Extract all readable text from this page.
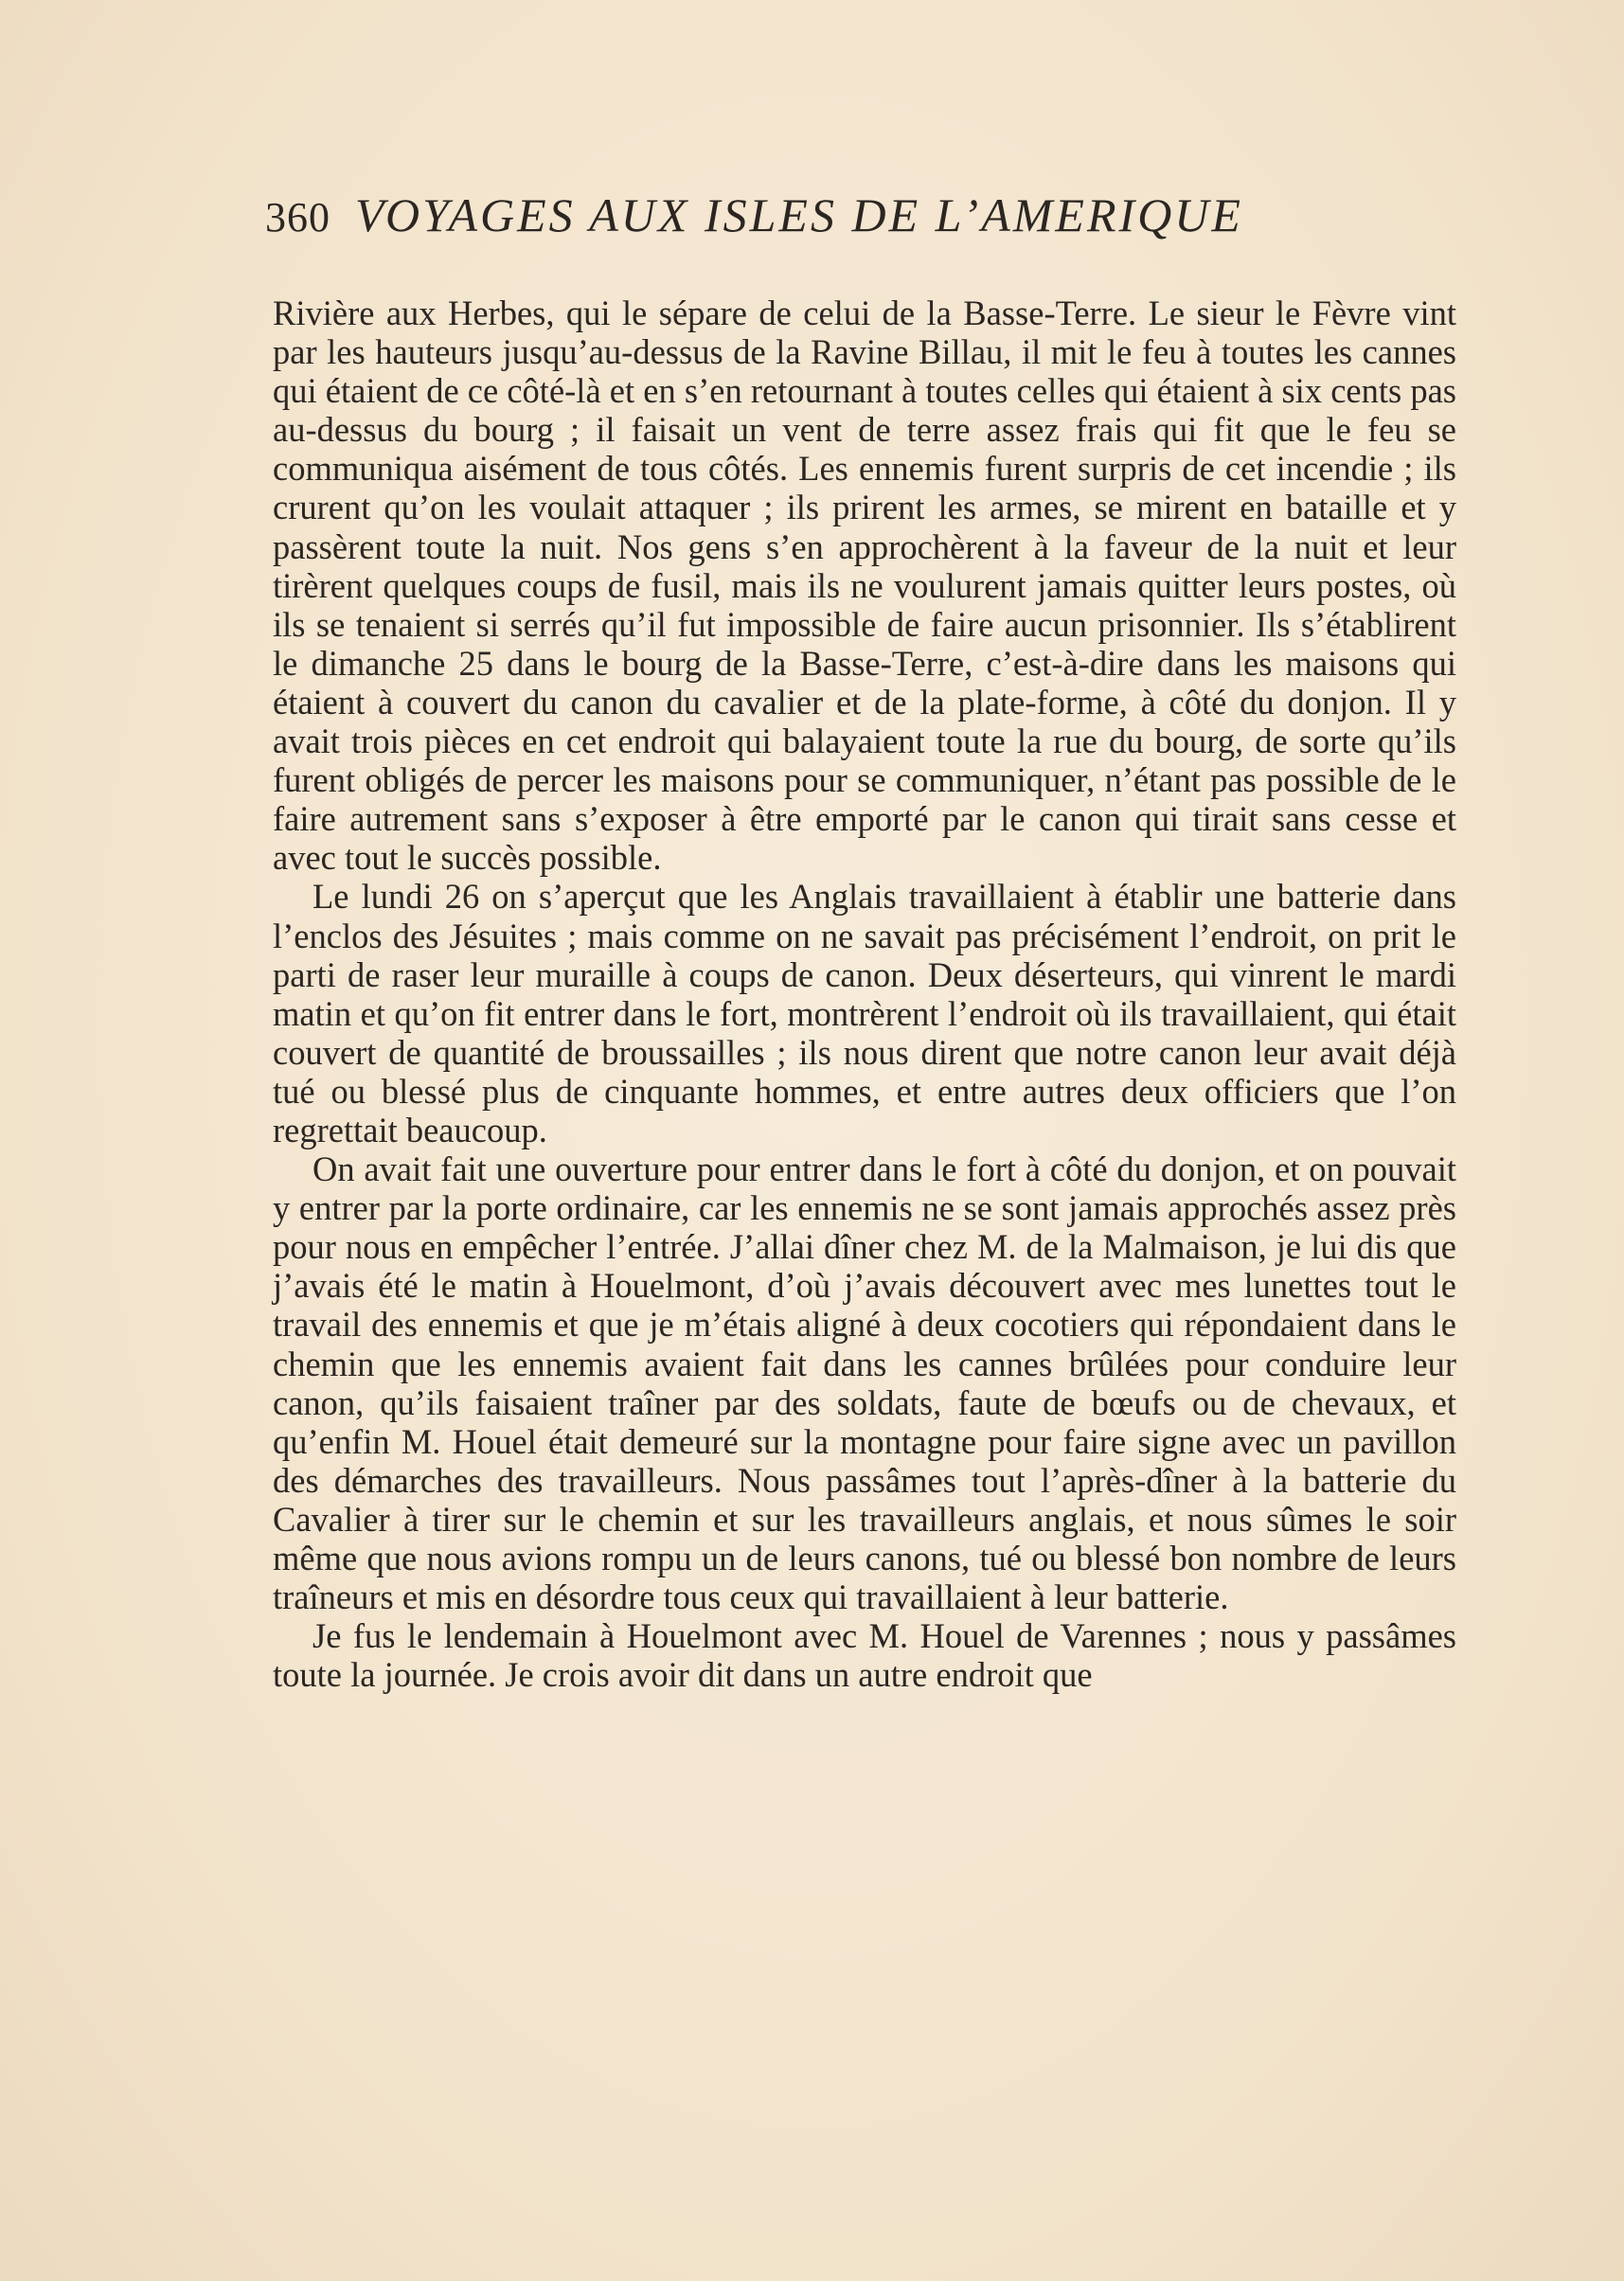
360 VOYAGES AUX ISLES DE L’AMERIQUE

Rivière aux Herbes, qui le sépare de celui de la Basse-Terre. Le sieur le Fèvre vint par les hauteurs jusqu’au-dessus de la Ravine Billau, il mit le feu à toutes les cannes qui étaient de ce côté-là et en s’en retournant à toutes celles qui étaient à six cents pas au-dessus du bourg ; il faisait un vent de terre assez frais qui fit que le feu se communiqua aisément de tous côtés. Les ennemis furent surpris de cet incendie ; ils crurent qu’on les voulait attaquer ; ils prirent les armes, se mirent en bataille et y passèrent toute la nuit. Nos gens s’en approchèrent à la faveur de la nuit et leur tirèrent quelques coups de fusil, mais ils ne voulurent jamais quitter leurs postes, où ils se tenaient si serrés qu’il fut impossible de faire aucun prisonnier. Ils s’établirent le dimanche 25 dans le bourg de la Basse-Terre, c’est-à-dire dans les maisons qui étaient à couvert du canon du cavalier et de la plate-forme, à côté du donjon. Il y avait trois pièces en cet endroit qui balayaient toute la rue du bourg, de sorte qu’ils furent obligés de percer les maisons pour se communiquer, n’étant pas possible de le faire autrement sans s’exposer à être emporté par le canon qui tirait sans cesse et avec tout le succès possible.

Le lundi 26 on s’aperçut que les Anglais travaillaient à établir une batterie dans l’enclos des Jésuites ; mais comme on ne savait pas précisément l’endroit, on prit le parti de raser leur muraille à coups de canon. Deux déserteurs, qui vinrent le mardi matin et qu’on fit entrer dans le fort, montrèrent l’endroit où ils travaillaient, qui était couvert de quantité de broussailles ; ils nous dirent que notre canon leur avait déjà tué ou blessé plus de cinquante hommes, et entre autres deux officiers que l’on regrettait beaucoup.

On avait fait une ouverture pour entrer dans le fort à côté du donjon, et on pouvait y entrer par la porte ordinaire, car les ennemis ne se sont jamais approchés assez près pour nous en empêcher l’entrée. J’allai dîner chez M. de la Malmaison, je lui dis que j’avais été le matin à Houelmont, d’où j’avais découvert avec mes lunettes tout le travail des ennemis et que je m’étais aligné à deux cocotiers qui répondaient dans le chemin que les ennemis avaient fait dans les cannes brûlées pour conduire leur canon, qu’ils faisaient traîner par des soldats, faute de bœufs ou de chevaux, et qu’enfin M. Houel était demeuré sur la montagne pour faire signe avec un pavillon des démarches des travailleurs. Nous passâmes tout l’après-dîner à la batterie du Cavalier à tirer sur le chemin et sur les travailleurs anglais, et nous sûmes le soir même que nous avions rompu un de leurs canons, tué ou blessé bon nombre de leurs traîneurs et mis en désordre tous ceux qui travaillaient à leur batterie.

Je fus le lendemain à Houelmont avec M. Houel de Varennes ; nous y passâmes toute la journée. Je crois avoir dit dans un autre endroit que
